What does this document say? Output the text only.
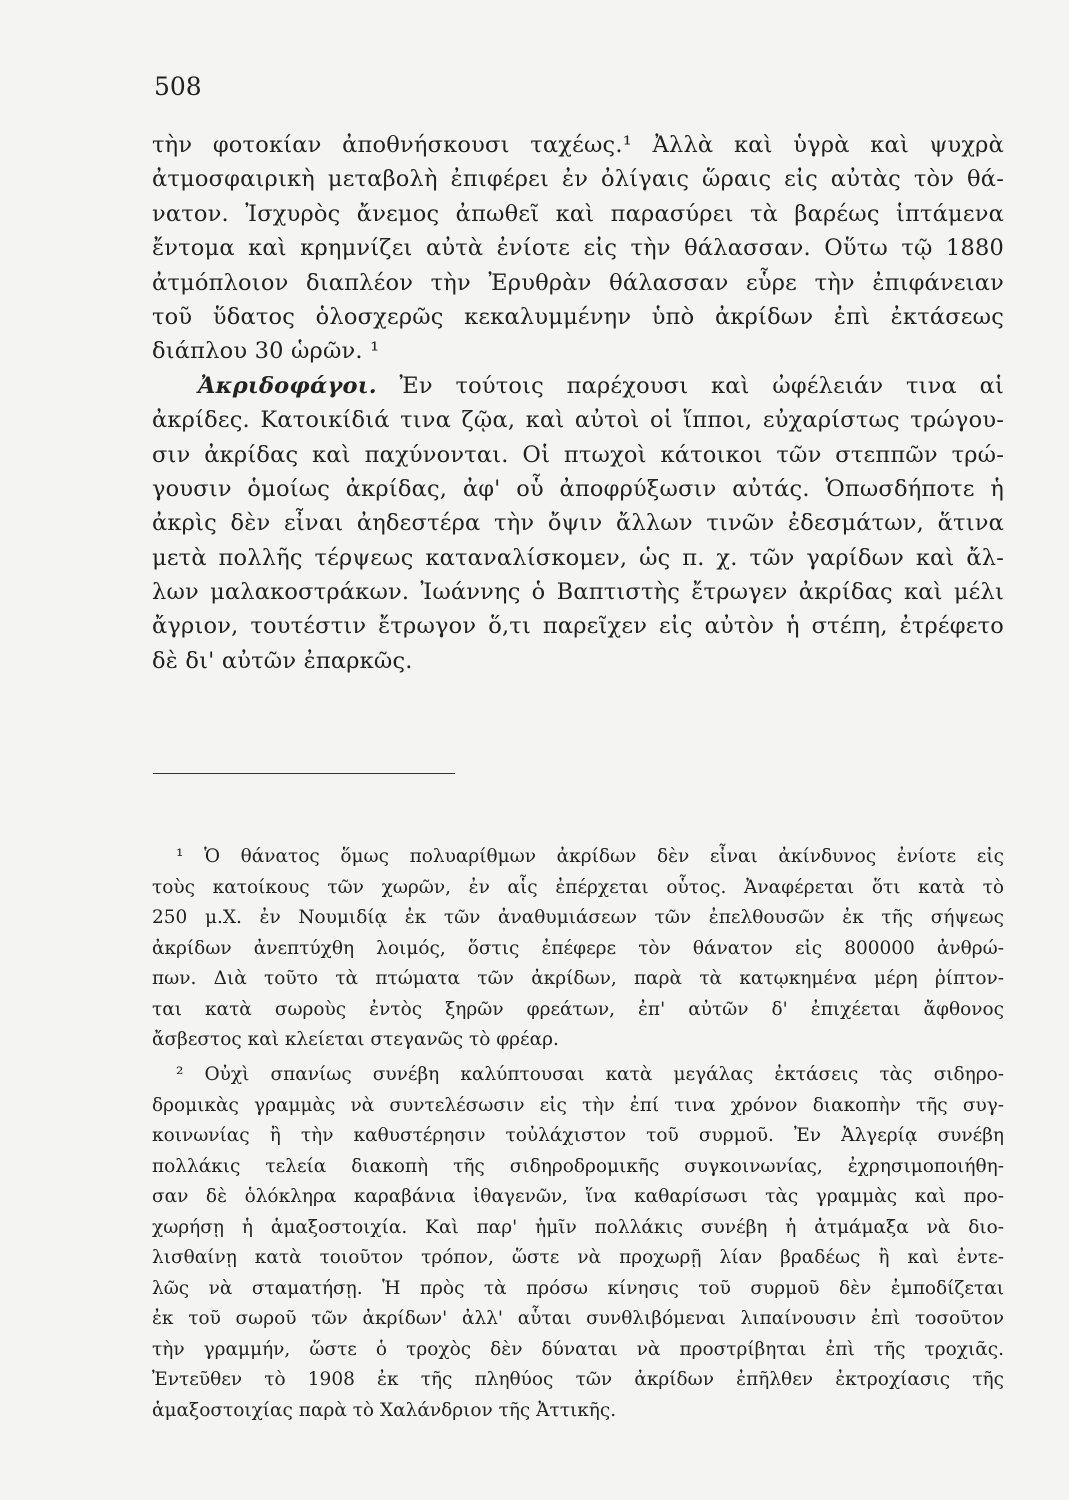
508
τὴν φοτοκίαν ἀποθνήσκουσι ταχέως.¹ Ἀλλὰ καὶ ὑγρὰ καὶ ψυχρὰ
ἀτμοσφαιρικὴ μεταβολὴ ἐπιφέρει ἐν ὀλίγαις ὥραις εἰς αὐτὰς τὸν θά-
νατον. Ἰσχυρὸς ἄνεμος ἀπωθεῖ καὶ παρασύρει τὰ βαρέως ἱπτάμενα
ἔντομα καὶ κρημνίζει αὐτὰ ἐνίοτε εἰς τὴν θάλασσαν. Οὕτω τῷ 1880
ἀτμόπλοιον διαπλέον τὴν Ἐρυθρὰν θάλασσαν εὗρε τὴν ἐπιφάνειαν
τοῦ ὕδατος ὁλοσχερῶς κεκαλυμμένην ὑπὸ ἀκρίδων ἐπὶ ἐκτάσεως
διάπλου 30 ὡρῶν. ¹
Ἀκριδοφάγοι. Ἐν τούτοις παρέχουσι καὶ ὠφέλειάν τινα αἱ
ἀκρίδες. Κατοικίδιά τινα ζῷα, καὶ αὐτοὶ οἱ ἵπποι, εὐχαρίστως τρώγου-
σιν ἀκρίδας καὶ παχύνονται. Οἱ πτωχοὶ κάτοικοι τῶν στεππῶν τρώ-
γουσιν ὁμοίως ἀκρίδας, ἀφ' οὗ ἀποφρύξωσιν αὐτάς. Ὁπωσδήποτε ἡ
ἀκρὶς δὲν εἶναι ἀηδεστέρα τὴν ὄψιν ἄλλων τινῶν ἐδεσμάτων, ἅτινα
μετὰ πολλῆς τέρψεως καταναλίσκομεν, ὡς π. χ. τῶν γαρίδων καὶ ἄλ-
λων μαλακοστράκων. Ἰωάννης ὁ Βαπτιστὴς ἔτρωγεν ἀκρίδας καὶ μέλι
ἄγριον, τουτέστιν ἔτρωγον ὅ,τι παρεῖχεν εἰς αὐτὸν ἡ στέπη, ἐτρέφετο
δὲ δι' αὐτῶν ἐπαρκῶς.
¹ Ὁ θάνατος ὅμως πολυαρίθμων ἀκρίδων δὲν εἶναι ἀκίνδυνος ἐνίοτε εἰς
τοὺς κατοίκους τῶν χωρῶν, ἐν αἷς ἐπέρχεται οὗτος. Ἀναφέρεται ὅτι κατὰ τὸ
250 μ.Χ. ἐν Νουμιδίᾳ ἐκ τῶν ἀναθυμιάσεων τῶν ἐπελθουσῶν ἐκ τῆς σήψεως
ἀκρίδων ἀνεπτύχθη λοιμός, ὅστις ἐπέφερε τὸν θάνατον εἰς 800000 ἀνθρώ-
πων. Διὰ τοῦτο τὰ πτώματα τῶν ἀκρίδων, παρὰ τὰ κατῳκημένα μέρη ῥίπτον-
ται κατὰ σωροὺς ἐντὸς ξηρῶν φρεάτων, ἐπ' αὐτῶν δ' ἐπιχέεται ἄφθονος
ἄσβεστος καὶ κλείεται στεγανῶς τὸ φρέαρ.
² Οὐχὶ σπανίως συνέβη καλύπτουσαι κατὰ μεγάλας ἐκτάσεις τὰς σιδηρο-
δρομικὰς γραμμὰς νὰ συντελέσωσιν εἰς τὴν ἐπί τινα χρόνον διακοπὴν τῆς συγ-
κοινωνίας ἢ τὴν καθυστέρησιν τοὐλάχιστον τοῦ συρμοῦ. Ἐν Ἀλγερίᾳ συνέβη
πολλάκις τελεία διακοπὴ τῆς σιδηροδρομικῆς συγκοινωνίας, ἐχρησιμοποιήθη-
σαν δὲ ὁλόκληρα καραβάνια ἰθαγενῶν, ἵνα καθαρίσωσι τὰς γραμμὰς καὶ προ-
χωρήσῃ ἡ ἁμαξοστοιχία. Καὶ παρ' ἡμῖν πολλάκις συνέβη ἡ ἀτμάμαξα νὰ διο-
λισθαίνῃ κατὰ τοιοῦτον τρόπον, ὥστε νὰ προχωρῇ λίαν βραδέως ἢ καὶ ἐντε-
λῶς νὰ σταματήσῃ. Ἡ πρὸς τὰ πρόσω κίνησις τοῦ συρμοῦ δὲν ἐμποδίζεται
ἐκ τοῦ σωροῦ τῶν ἀκρίδων' ἀλλ' αὗται συνθλιβόμεναι λιπαίνουσιν ἐπὶ τοσοῦτον
τὴν γραμμήν, ὥστε ὁ τροχὸς δὲν δύναται νὰ προστρίβηται ἐπὶ τῆς τροχιᾶς.
Ἐντεῦθεν τὸ 1908 ἐκ τῆς πληθύος τῶν ἀκρίδων ἐπῆλθεν ἐκτροχίασις τῆς
ἁμαξοστοιχίας παρὰ τὸ Χαλάνδριον τῆς Ἀττικῆς.
